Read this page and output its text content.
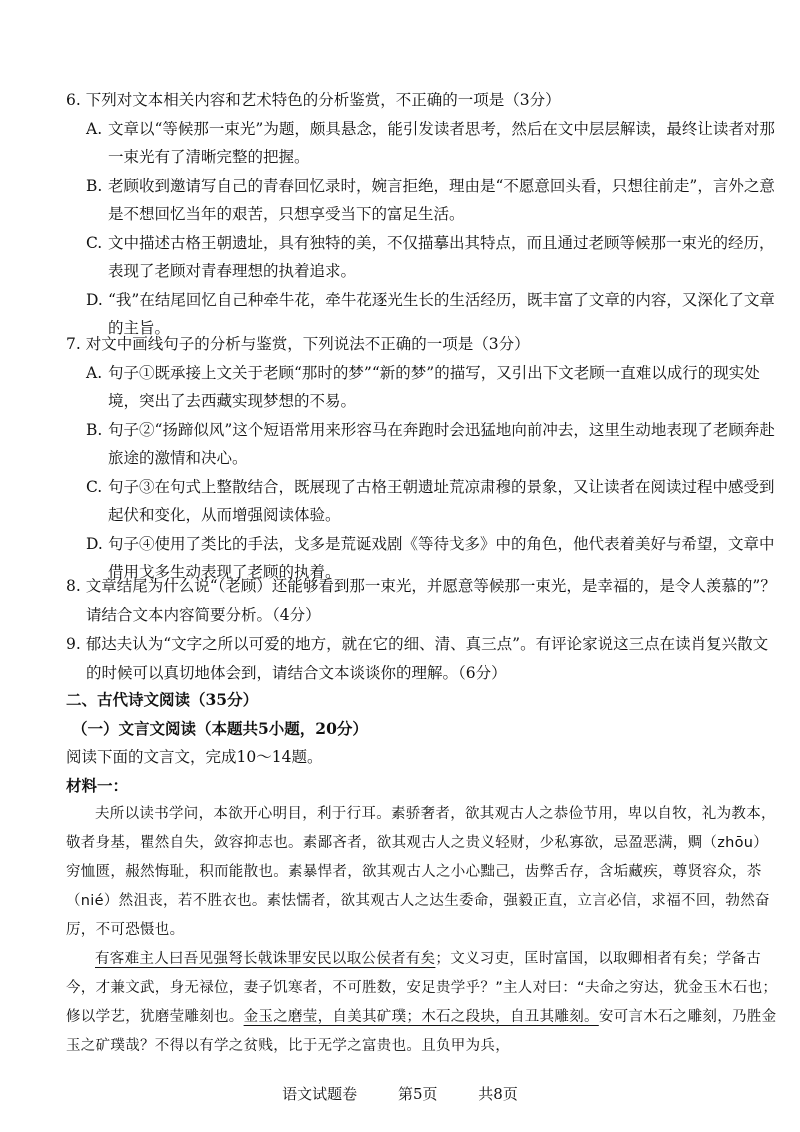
6. 下列对文本相关内容和艺术特色的分析鉴赏，不正确的一项是（3分）
A. 文章以“等候那一束光”为题，颇具悬念，能引发读者思考，然后在文中层层解读，最终让读者对那一束光有了清晰完整的把握。
B. 老顾收到邀请写自己的青春回忆录时，婉言拒绝，理由是“不愿意回头看，只想往前走”，言外之意是不想回忆当年的艰苦，只想享受当下的富足生活。
C. 文中描述古格王朝遗址，具有独特的美，不仅描摹出其特点，而且通过老顾等候那一束光的经历，表现了老顾对青春理想的执着追求。
D. “我”在结尾回忆自己种牵牛花，牵牛花逐光生长的生活经历，既丰富了文章的内容，又深化了文章的主旨。
7. 对文中画线句子的分析与鉴赏，下列说法不正确的一项是（3分）
A. 句子①既承接上文关于老顾“那时的梦”“新的梦”的描写，又引出下文老顾一直难以成行的现实处境，突出了去西藏实现梦想的不易。
B. 句子②“扬蹄似风”这个短语常用来形容马在奔跑时会迅猛地向前冲去，这里生动地表现了老顾奔赴旅途的激情和决心。
C. 句子③在句式上整散结合，既展现了古格王朝遗址荒凉肃穆的景象，又让读者在阅读过程中感受到起伏和变化，从而增强阅读体验。
D. 句子④使用了类比的手法，戈多是荒诞戏剧《等待戈多》中的角色，他代表着美好与希望，文章中借用戈多生动表现了老顾的执着。
8. 文章结尾为什么说“（老顾）还能够看到那一束光，并愿意等候那一束光，是幸福的，是令人羡慕的”？请结合文本内容简要分析。（4分）
9. 郁达夫认为“文字之所以可爱的地方，就在它的细、清、真三点”。有评论家说这三点在读肖复兴散文的时候可以真切地体会到，请结合文本谈谈你的理解。（6分）
二、古代诗文阅读（35分）
（一）文言文阅读（本题共5小题，20分）
阅读下面的文言文，完成10～14题。
材料一：
夫所以读书学问，本欲开心明目，利于行耳。素骄奢者，欲其观古人之恭俭节用，卑以自牧，礼为教本，敬者身基，瞿然自失，敛容抑志也。素鄙吝者，欲其观古人之贵义轻财，少私寡欲，忌盈恶满，赒（zhōu）穷恤匮，赧然悔耻，积而能散也。素暴悍者，欲其观古人之小心黜己，齿弊舌存，含垢藏疾，尊贤容众，苶（nié）然沮丧，若不胜衣也。素怯懦者，欲其观古人之达生委命，强毅正直，立言必信，求福不回，勃然奋厉，不可恐慑也。
有客难主人曰吾见强弩长戟诛罪安民以取公侯者有矣；文义习吏，匡时富国，以取卿相者有矣；学备古今，才兼文武，身无禄位，妻子饥寒者，不可胜数，安足贵学乎？”主人对曰：“夫命之穷达，犹金玉木石也；修以学艺，犹磨莹雕刻也。金玉之磨莹，自美其矿璞；木石之段块，自丑其雕刻。安可言木石之雕刻，乃胜金玉之矿璞哉？不得以有学之贫贱，比于无学之富贵也。且负甲为兵，
语文试题卷	第5页	共8页
